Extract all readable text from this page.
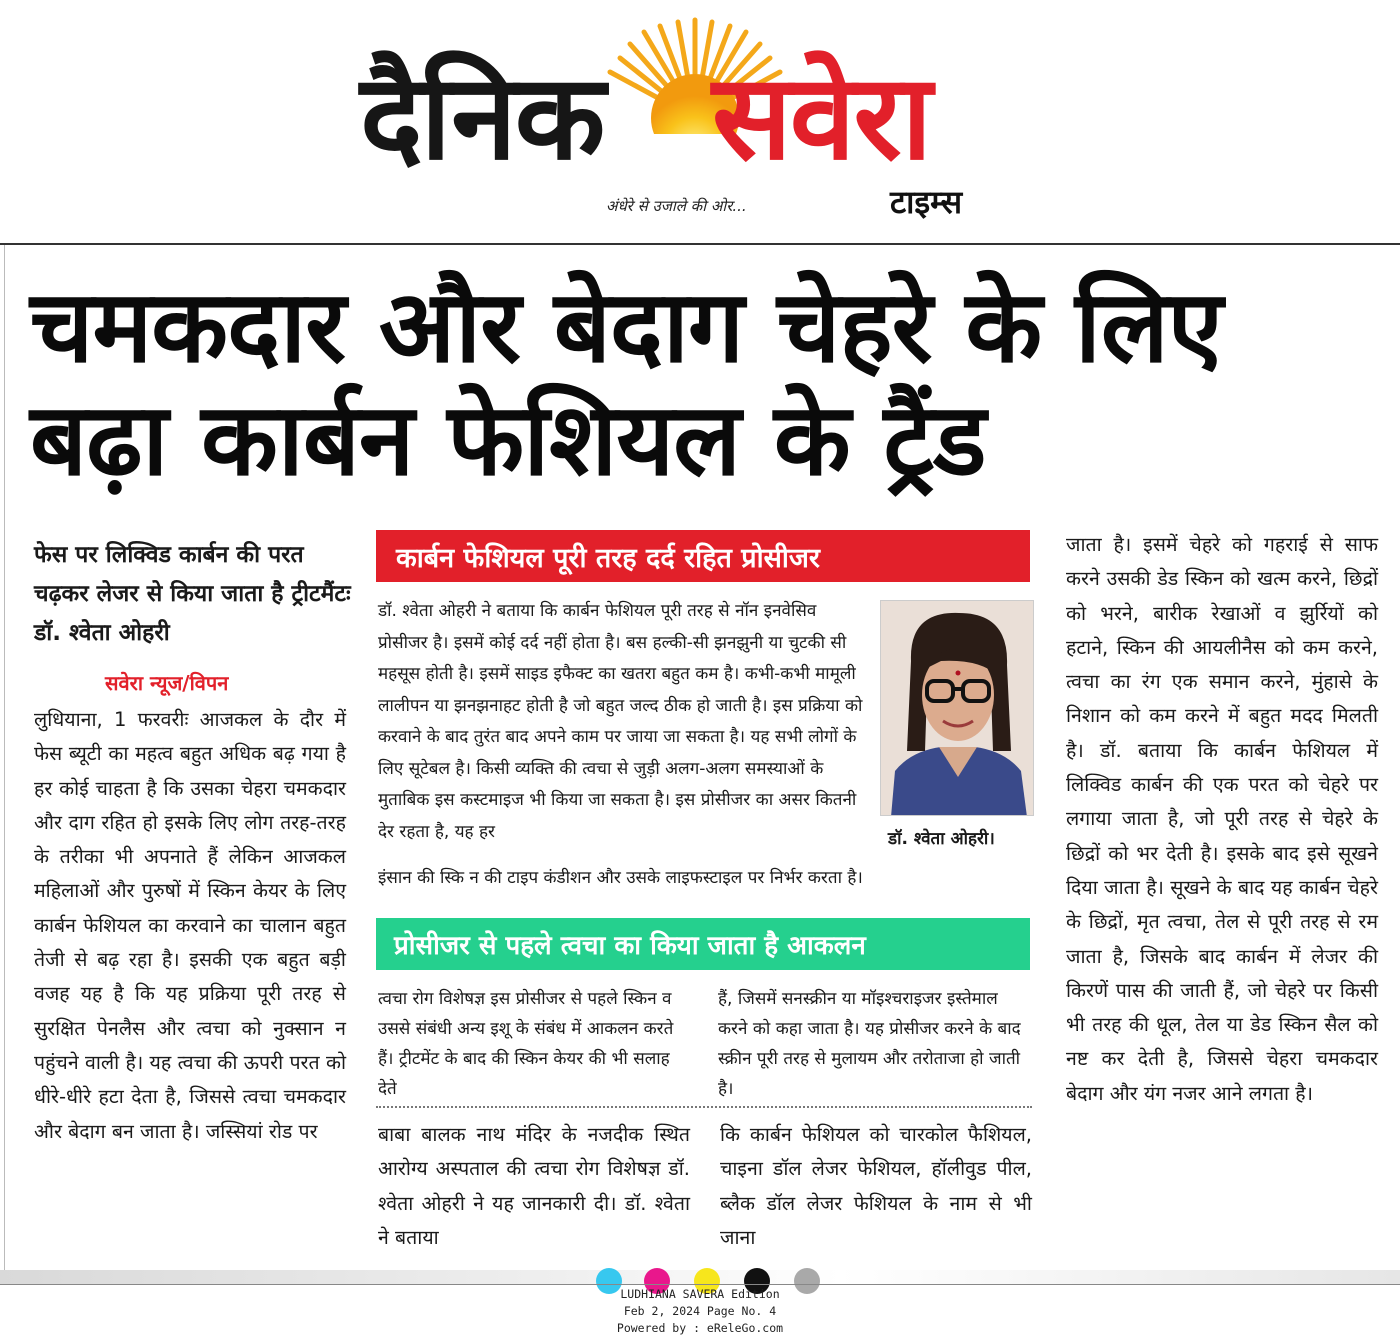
दैनिक सवेरा
अंधेरे से उजाले की ओर...	टाइम्स
चमकदार और बेदाग चेहरे के लिए बढ़ा कार्बन फेशियल के ट्रैंड
फेस पर लिक्विड कार्बन की परत चढ़कर लेजर से किया जाता है ट्रीटमैंटः डॉ. श्वेता ओहरी
सवेरा न्यूज/विपन

लुधियाना, 1 फरवरीः आजकल के दौर में फेस ब्यूटी का महत्व बहुत अधिक बढ़ गया है हर कोई चाहता है कि उसका चेहरा चमकदार और दाग रहित हो इसके लिए लोग तरह-तरह के तरीका भी अपनाते हैं लेकिन आजकल महिलाओं और पुरुषों में स्किन केयर के लिए कार्बन फेशियल का करवाने का चालान बहुत तेजी से बढ़ रहा है। इसकी एक बहुत बड़ी वजह यह है कि यह प्रक्रिया पूरी तरह से सुरक्षित पेनलैस और त्वचा को नुक्सान न पहुंचने वाली है। यह त्वचा की ऊपरी परत को धीरे-धीरे हटा देता है, जिससे त्वचा चमकदार और बेदाग बन जाता है। जस्सियां रोड पर

कार्बन फेशियल पूरी तरह दर्द रहित प्रोसीजर

डॉ. श्वेता ओहरी ने बताया कि कार्बन फेशियल पूरी तरह से नॉन इनवेसिव प्रोसीजर है। इसमें कोई दर्द नहीं होता है। बस हल्की-सी झनझुनी या चुटकी सी महसूस होती है। इसमें साइड इफैक्ट का खतरा बहुत कम है। कभी-कभी मामूली लालीपन या झनझनाहट होती है जो बहुत जल्द ठीक हो जाती है। इस प्रक्रिया को करवाने के बाद तुरंत बाद अपने काम पर जाया जा सकता है। यह सभी लोगों के लिए सूटेबल है। किसी व्यक्ति की त्वचा से जुड़ी अलग-अलग समस्याओं के मुताबिक इस कस्टमाइज भी किया जा सकता है। इस प्रोसीजर का असर कितनी देर रहता है, यह हर

इंसान की स्कि न की टाइप कंडीशन और उसके लाइफस्टाइल पर निर्भर करता है।

डॉ. श्वेता ओहरी।
प्रोसीजर से पहले त्वचा का किया जाता है आकलन

त्वचा रोग विशेषज्ञ इस प्रोसीजर से पहले स्किन व उससे संबंधी अन्य इशू के संबंध में आकलन करते हैं। ट्रीटमेंट के बाद की स्किन केयर की भी सलाह देते

हैं, जिसमें सनस्क्रीन या मॉइश्चराइजर इस्तेमाल करने को कहा जाता है। यह प्रोसीजर करने के बाद स्क्रीन पूरी तरह से मुलायम और तरोताजा हो जाती है।

बाबा बालक नाथ मंदिर के नजदीक स्थित आरोग्य अस्पताल की त्वचा रोग विशेषज्ञ डॉ. श्वेता ओहरी ने यह जानकारी दी। डॉ. श्वेता ने बताया

कि कार्बन फेशियल को चारकोल फैशियल, चाइना डॉल लेजर फेशियल, हॉलीवुड पील, ब्लैक डॉल लेजर फेशियल के नाम से भी जाना

जाता है। इसमें चेहरे को गहराई से साफ करने उसकी डेड स्किन को खत्म करने, छिद्रों को भरने, बारीक रेखाओं व झुर्रियों को हटाने, स्किन की आयलीनैस को कम करने, त्वचा का रंग एक समान करने, मुंहासे के निशान को कम करने में बहुत मदद मिलती है। डॉ. बताया कि कार्बन फेशियल में लिक्विड कार्बन की एक परत को चेहरे पर लगाया जाता है, जो पूरी तरह से चेहरे के छिद्रों को भर देती है। इसके बाद इसे सूखने दिया जाता है। सूखने के बाद यह कार्बन चेहरे के छिद्रों, मृत त्वचा, तेल से पूरी तरह से रम जाता है, जिसके बाद कार्बन में लेजर की किरणें पास की जाती हैं, जो चेहरे पर किसी भी तरह की धूल, तेल या डेड स्किन सैल को नष्ट कर देती है, जिससे चेहरा चमकदार बेदाग और यंग नजर आने लगता है।

LUDHIANA SAVERA Edition
Feb 2, 2024 Page No. 4
Powered by : eReleGo.com
